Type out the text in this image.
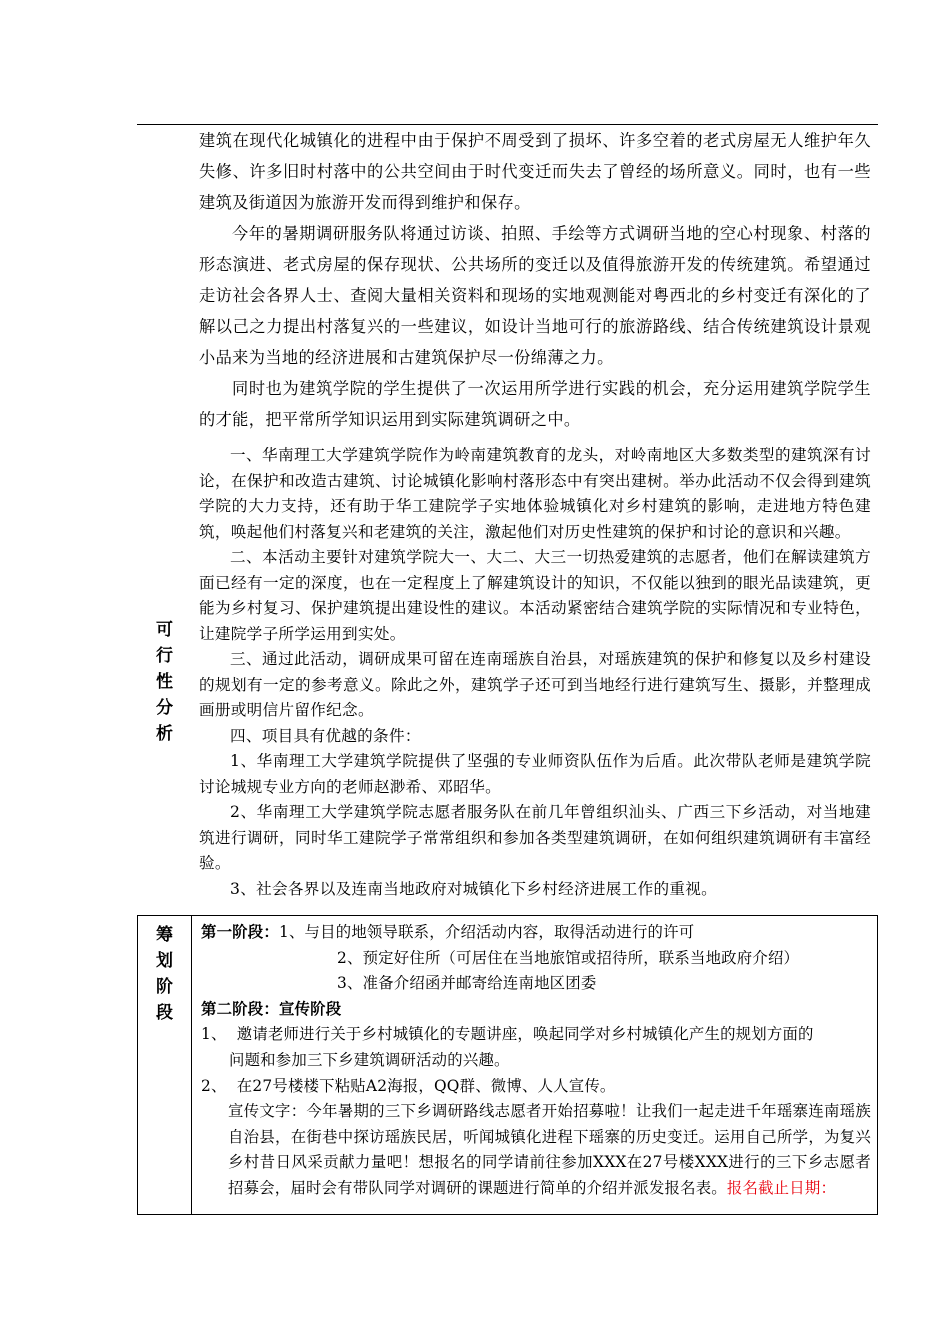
可
行
性
分
析

建筑在现代化城镇化的进程中由于保护不周受到了损坏、许多空着的老式房屋无人维护年久失修、许多旧时村落中的公共空间由于时代变迁而失去了曾经的场所意义。同时，也有一些建筑及街道因为旅游开发而得到维护和保存。

今年的暑期调研服务队将通过访谈、拍照、手绘等方式调研当地的空心村现象、村落的形态演进、老式房屋的保存现状、公共场所的变迁以及值得旅游开发的传统建筑。希望通过走访社会各界人士、查阅大量相关资料和现场的实地观测能对粤西北的乡村变迁有深化的了解以己之力提出村落复兴的一些建议，如设计当地可行的旅游路线、结合传统建筑设计景观小品来为当地的经济进展和古建筑保护尽一份绵薄之力。

同时也为建筑学院的学生提供了一次运用所学进行实践的机会，充分运用建筑学院学生的才能，把平常所学知识运用到实际建筑调研之中。

一、华南理工大学建筑学院作为岭南建筑教育的龙头，对岭南地区大多数类型的建筑深有讨论，在保护和改造古建筑、讨论城镇化影响村落形态中有突出建树。举办此活动不仅会得到建筑学院的大力支持，还有助于华工建院学子实地体验城镇化对乡村建筑的影响，走进地方特色建筑，唤起他们村落复兴和老建筑的关注，激起他们对历史性建筑的保护和讨论的意识和兴趣。

二、本活动主要针对建筑学院大一、大二、大三一切热爱建筑的志愿者，他们在解读建筑方面已经有一定的深度，也在一定程度上了解建筑设计的知识，不仅能以独到的眼光品读建筑，更能为乡村复习、保护建筑提出建设性的建议。本活动紧密结合建筑学院的实际情况和专业特色，让建院学子所学运用到实处。

三、通过此活动，调研成果可留在连南瑶族自治县，对瑶族建筑的保护和修复以及乡村建设的规划有一定的参考意义。除此之外，建筑学子还可到当地经行进行建筑写生、摄影，并整理成画册或明信片留作纪念。

四、项目具有优越的条件：

1、华南理工大学建筑学院提供了坚强的专业师资队伍作为后盾。此次带队老师是建筑学院讨论城规专业方向的老师赵渺希、邓昭华。

2、华南理工大学建筑学院志愿者服务队在前几年曾组织汕头、广西三下乡活动，对当地建筑进行调研，同时华工建院学子常常组织和参加各类型建筑调研，在如何组织建筑调研有丰富经验。

3、社会各界以及连南当地政府对城镇化下乡村经济进展工作的重视。

筹
划
阶
段

第一阶段：1、与目的地领导联系，介绍活动内容，取得活动进行的许可

2、预定好住所（可居住在当地旅馆或招待所，联系当地政府介绍）

3、准备介绍函并邮寄给连南地区团委

第二阶段：宣传阶段

1、 邀请老师进行关于乡村城镇化的专题讲座，唤起同学对乡村城镇化产生的规划方面的

问题和参加三下乡建筑调研活动的兴趣。

2、 在27号楼楼下粘贴A2海报，QQ群、微博、人人宣传。

宣传文字：今年暑期的三下乡调研路线志愿者开始招募啦！让我们一起走进千年瑶寨连南瑶族自治县，在街巷中探访瑶族民居，听闻城镇化进程下瑶寨的历史变迁。运用自己所学，为复兴乡村昔日风采贡献力量吧！想报名的同学请前往参加XXX在27号楼XXX进行的三下乡志愿者招募会，届时会有带队同学对调研的课题进行简单的介绍并派发报名表。报名截止日期：
